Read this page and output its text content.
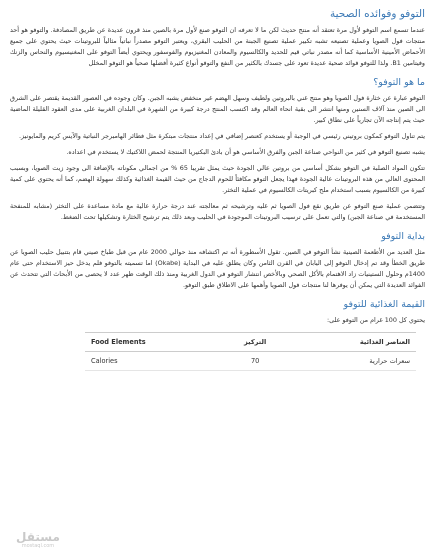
التوفو وفوائده الصحية

عندما تسمع اسم التوفو لأول مرة تعتقد أنه منتج حديث لكن ما لا تعرفه ان التوفو صنع لأول مرة بالصين منذ قرون عديدة عن طريق المصادفة. والتوفو هو أحد منتجات فول الصويا وعملية تصنيعه تشبه تكبير عملية تصنيع الجبنة من الحليب البقري، ويعتبر التوفو مصدراً نباتياً مثالياً للبروتينات حيث يحتوي على جميع الأحماض الأمينية الأساسية كما أنه مصدر نباتي قيم للحديد والكالسيوم والمعادن المغنيزيوم والفوسفور ويحتوي أيضاً التوفو على المغنيسيوم والنحاس والزنك وفيتامين B1. ولذا للتوفو فوائد صحية عديدة تعود على جسدك بالكثير من النفع والتوفو أنواع كثيرة أفضلها صحياً هو التوفو المخلل

ما هو التوفو؟

التوفو عبارة عن خثارة فول الصويا وهو منتج غني بالبروتين ولطيف وسهل الهضم غير منخفض يشبه الجبن. وكان وجوده في العصور القديمة يقتصر على الشرق الى الصين منذ آلاف السنين ومنها انتشر الى بقية انحاء العالم وقد اكتسب المنتج درجة كبيرة من الشهرة في البلدان الغربية على مدى العقود القليلة الماضية حيث يتم إنتاجه الآن تجارياً على نطاق كبير.

يتم تناول التوفو كمكون بروتيني رئيسي في الوجبة أو يستخدم كعنصر إضافي في إعداد منتجات مبتكرة مثل فطائر الهامبرجر النباتية والآيس كريم والمايونيز.

يشبه تصنيع التوفو في كثير من النواحي صناعة الجبن والفرق الأساسي هو أن بادئ البكتيريا المنتجة لحمض اللاكتيك لا يستخدم في اعداده.

تتكون المواد الصلبة في التوفو بشكل أساسي من بروتين عالي الجودة حيث يمثل تقريبا 65 % من اجمالي مكوناته بالإضافة الى وجود زيت الصويا، وبسبب المحتوى العالي من هذه البروتينات عالية الجودة فهذا يجعل التوفو مكافئاً للحوم الدجاج من حيث القيمة الغذائية وكذلك سهولة الهضم، كما أنه يحتوي على كمية كبيرة من الكالسيوم بسبب استخدام ملح كبريتات الكالسيوم في عملية التخثر.

وتتضمن عملية صنع التوفو عن طريق نقع فول الصويا ثم غليه وترشيحه ثم معالجته عند درجة حرارة عالية مع مادة مساعدة على التخثر (مشابه للمنفحة المستخدمة في صناعة الجبن) والتي تعمل على ترسيب البروتينات الموجودة في الحليب وبعد ذلك يتم ترشيح الخثارة وتشكيلها تحت الضغط.

بداية التوفو

مثل العديد من الأطعمة الصينية نشأ التوفو في الصين. تقول الأسطورة أنه تم اكتشافه منذ حوالي 2000 عام من قبل طباخ صيني قام بتتبيل حليب الصويا عن طريق الخطأ وقد تم إدخال التوفو إلى اليابان في القرن الثامن وكان يطلق عليه في البداية (Okabe) اما تسميته بالتوفو فلم يدخل حيز الاستخدام حتى عام 1400م وحلول الستينيات زاد الاهتمام بالأكل الصحي وبالأخص انتشار التوفو في الدول الغربية ومنذ ذلك الوقت ظهر عدد لا يحصى من الأبحاث التي تتحدث عن الفوائد العديدة التي يمكن أن يوفرها لنا منتجات فول الصويا وأهمها على الاطلاق طبق التوفو.

القيمة الغذائية للتوفو

يحتوي كل 100 غرام من التوفو على:

Food Elements	التركيز	العناصر الغذائية
Calories	70	سعرات حرارية
مستقل
mostaql.com
